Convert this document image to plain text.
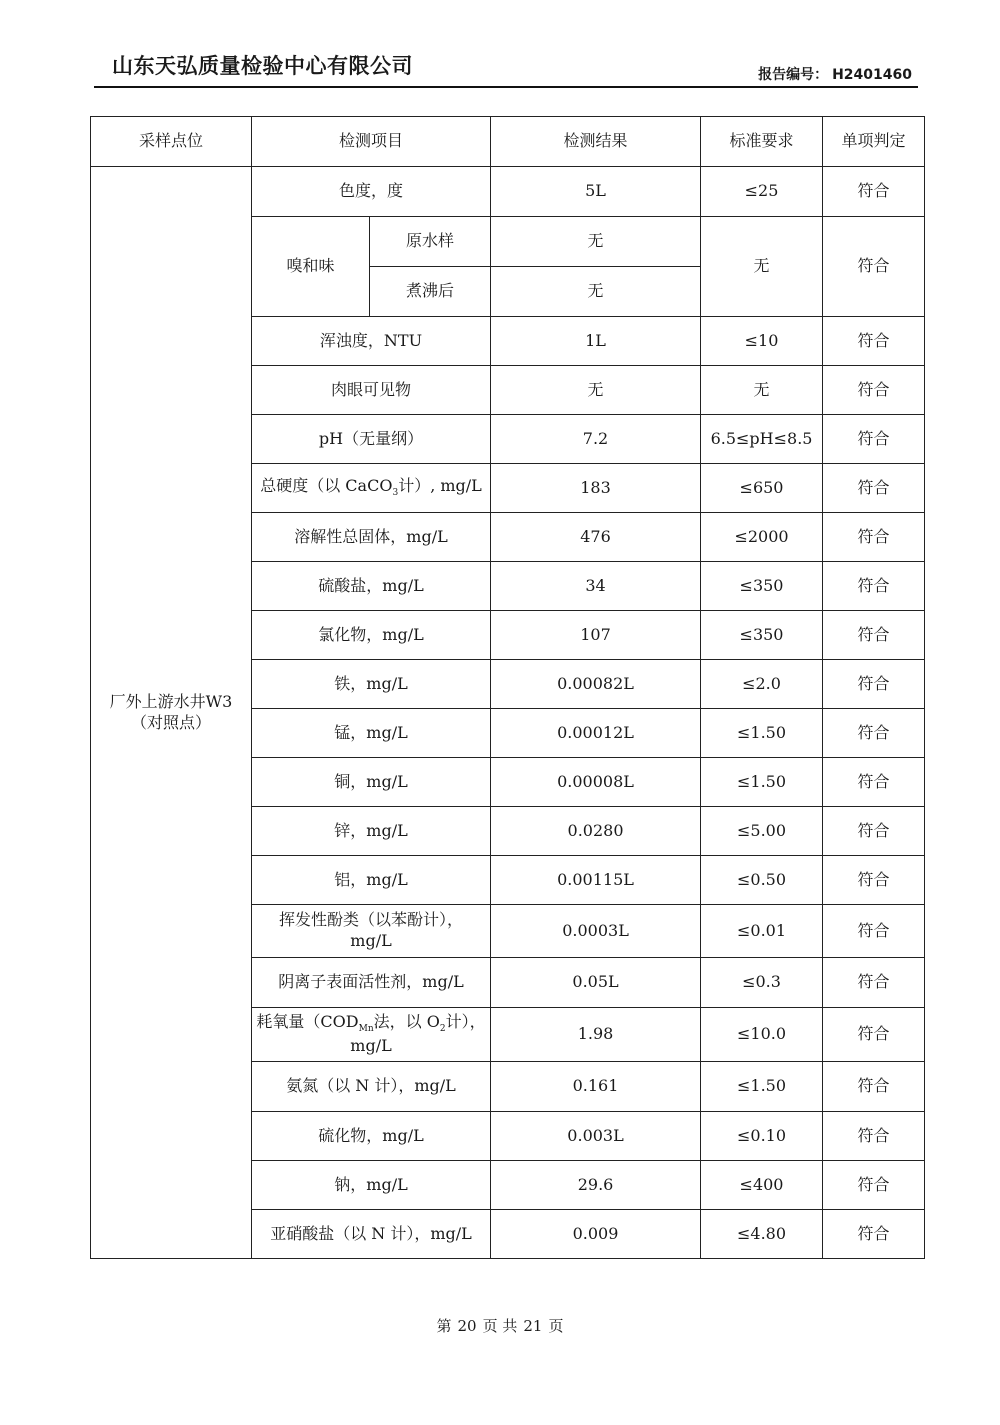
山东天弘质量检验中心有限公司	报告编号： H2401460
采样点位	检测项目		检测结果	标准要求	单项判定

厂外上游水井W3
（对照点）	色度，度		5L	≤25	符合
	嗅和味	原水样	无	无	符合
		煮沸后	无		
	浑浊度，NTU		1L	≤10	符合
	肉眼可见物		无	无	符合
	pH（无量纲）		7.2	6.5≤pH≤8.5	符合
	总硬度（以 CaCO$_3$计）, mg/L		183	≤650	符合
	溶解性总固体，mg/L		476	≤2000	符合
	硫酸盐，mg/L		34	≤350	符合
	氯化物，mg/L		107	≤350	符合
	铁，mg/L		0.00082L	≤2.0	符合
	锰，mg/L		0.00012L	≤1.50	符合
	铜，mg/L		0.00008L	≤1.50	符合
	锌，mg/L		0.0280	≤5.00	符合
	铝，mg/L		0.00115L	≤0.50	符合

	挥发性酚类（以苯酚计），
mg/L		0.0003L	≤0.01	符合
	阴离子表面活性剂，mg/L		0.05L	≤0.3	符合

	耗氧量（$COD_{Mn}$法，以 $O_2$计），
mg/L		1.98	≤10.0	符合
	氨氮（以 N 计），mg/L		0.161	≤1.50	符合
	硫化物，mg/L		0.003L	≤0.10	符合
	钠，mg/L		29.6	≤400	符合
	亚硝酸盐（以 N 计），mg/L		0.009	≤4.80	符合
第 20 页 共 21 页
